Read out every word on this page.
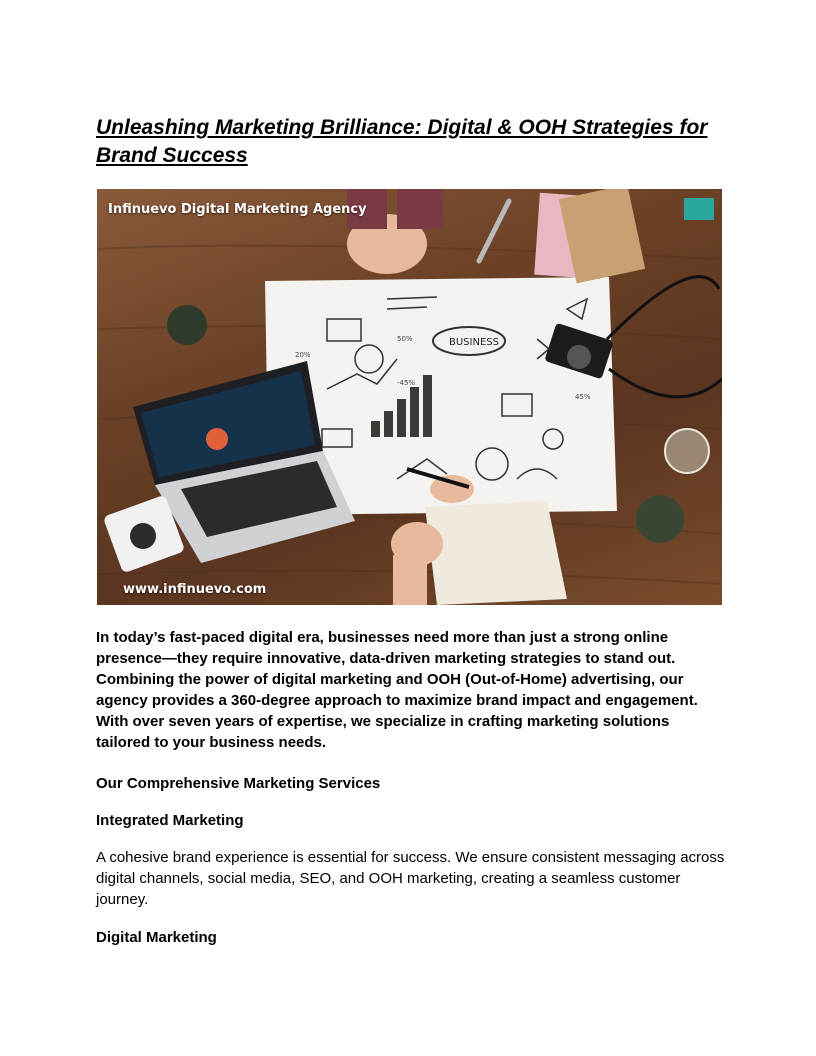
Unleashing Marketing Brilliance: Digital & OOH Strategies for Brand Success
BUSINESS
20%
50%
-45%
45%
Infinuevo Digital Marketing Agency
www.infinuevo.com

In today’s fast-paced digital era, businesses need more than just a strong online presence—they require innovative, data-driven marketing strategies to stand out. Combining the power of digital marketing and OOH (Out-of-Home) advertising, our agency provides a 360-degree approach to maximize brand impact and engagement. With over seven years of expertise, we specialize in crafting marketing solutions tailored to your business needs.

Our Comprehensive Marketing Services

Integrated Marketing

A cohesive brand experience is essential for success. We ensure consistent messaging across digital channels, social media, SEO, and OOH marketing, creating a seamless customer journey.

Digital Marketing
